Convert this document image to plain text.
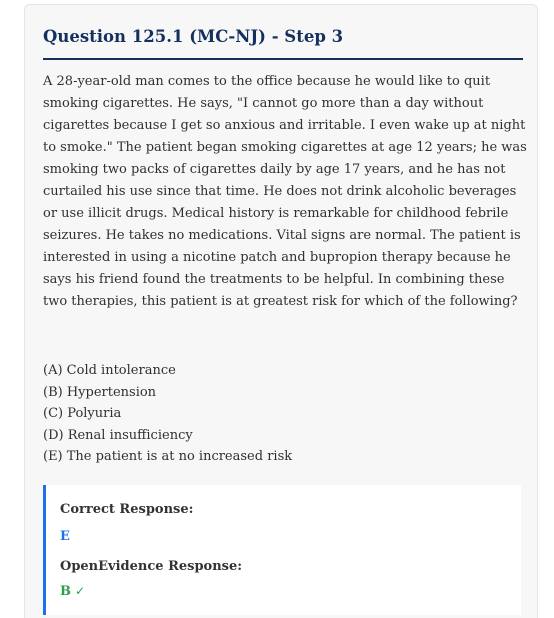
Question 125.1 (MC-NJ) - Step 3
A 28-year-old man comes to the office because he would like to quit smoking cigarettes. He says, "I cannot go more than a day without cigarettes because I get so anxious and irritable. I even wake up at night to smoke." The patient began smoking cigarettes at age 12 years; he was smoking two packs of cigarettes daily by age 17 years, and he has not curtailed his use since that time. He does not drink alcoholic beverages or use illicit drugs. Medical history is remarkable for childhood febrile seizures. He takes no medications. Vital signs are normal. The patient is interested in using a nicotine patch and bupropion therapy because he says his friend found the treatments to be helpful. In combining these two therapies, this patient is at greatest risk for which of the following?
(A) Cold intolerance
(B) Hypertension
(C) Polyuria
(D) Renal insufficiency
(E) The patient is at no increased risk
Correct Response:
E
OpenEvidence Response:
B ✓
